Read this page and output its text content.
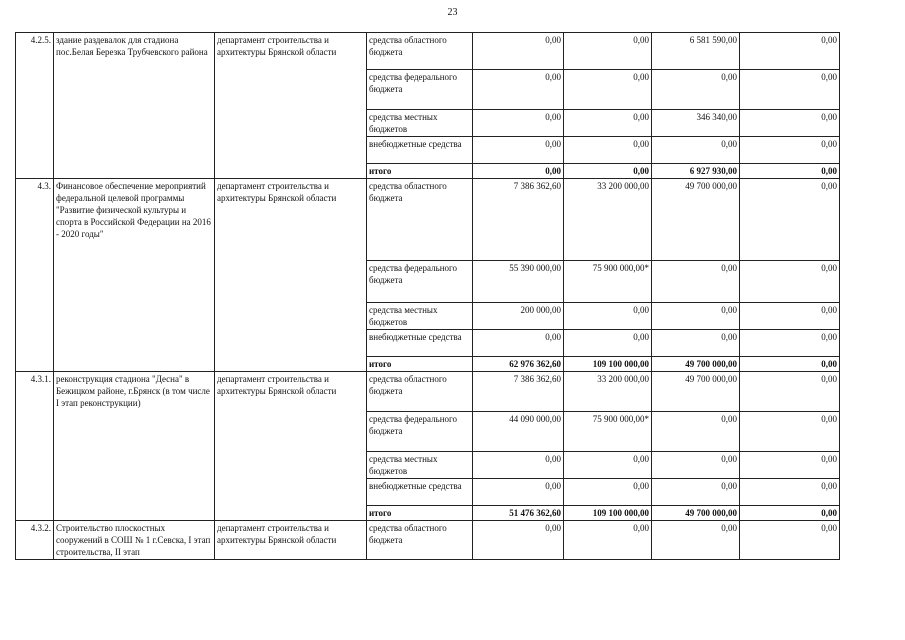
23
4.2.5.	здание раздевалок для стадиона пос.Белая Березка Трубчевского района	департамент строительства и архитектуры Брянской области	средства областного бюджета	0,00	0,00	6 581 590,00	0,00
			средства федерального бюджета	0,00	0,00	0,00	0,00
			средства местных бюджетов	0,00	0,00	346 340,00	0,00
			внебюджетные средства	0,00	0,00	0,00	0,00
			итого	0,00	0,00	6 927 930,00	0,00
4.3.	Финансовое обеспечение мероприятий федеральной целевой программы "Развитие физической культуры и спорта в Российской Федерации на 2016 - 2020 годы"	департамент строительства и архитектуры Брянской области	средства областного бюджета	7 386 362,60	33 200 000,00	49 700 000,00	0,00
			средства федерального бюджета	55 390 000,00	75 900 000,00*	0,00	0,00
			средства местных бюджетов	200 000,00	0,00	0,00	0,00
			внебюджетные средства	0,00	0,00	0,00	0,00
			итого	62 976 362,60	109 100 000,00	49 700 000,00	0,00
4.3.1.	реконструкция стадиона "Десна" в Бежицком районе, г.Брянск (в том числе I этап реконструкции)	департамент строительства и архитектуры Брянской области	средства областного бюджета	7 386 362,60	33 200 000,00	49 700 000,00	0,00
			средства федерального бюджета	44 090 000,00	75 900 000,00*	0,00	0,00
			средства местных бюджетов	0,00	0,00	0,00	0,00
			внебюджетные средства	0,00	0,00	0,00	0,00
			итого	51 476 362,60	109 100 000,00	49 700 000,00	0,00
4.3.2.	Строительство плоскостных сооружений в СОШ № 1 г.Севска, I этап строительства, II этап	департамент строительства и архитектуры Брянской области	средства областного бюджета	0,00	0,00	0,00	0,00
